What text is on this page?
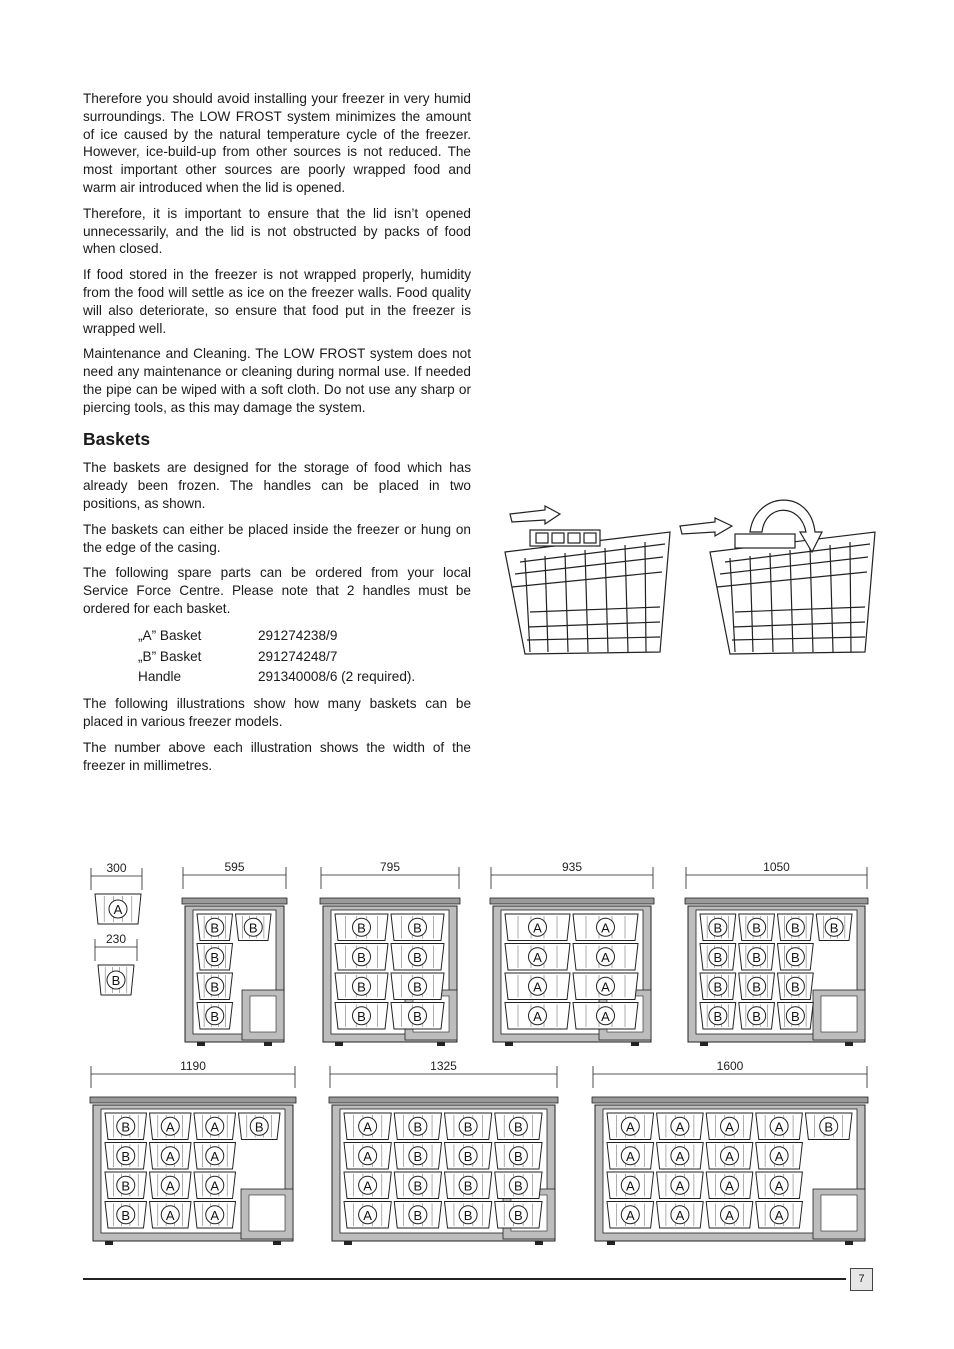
Therefore you should avoid installing your freezer in very humid surroundings. The LOW FROST system minimizes the amount of ice caused by the natural temperature cycle of the freezer. However, ice-build-up from other sources is not reduced. The most important other sources are poorly wrapped food and warm air introduced when the lid is opened.

Therefore, it is important to ensure that the lid isn’t opened unnecessarily, and the lid is not obstructed by packs of food when closed.

If food stored in the freezer is not wrapped properly, humidity from the food will settle as ice on the freezer walls. Food quality will also deteriorate, so ensure that food put in the freezer is wrapped well.

Maintenance and Cleaning. The LOW FROST system does not need any maintenance or cleaning during normal use. If needed the pipe can be wiped with a soft cloth. Do not use any sharp or piercing tools, as this may damage the system.

Baskets

The baskets are designed for the storage of food which has already been frozen. The handles can be placed in two positions, as shown.

The baskets can either be placed inside the freezer or hung on the edge of the casing.

The following spare parts can be ordered from your local Service Force Centre. Please note that 2 handles must be ordered for each basket.

„A” Basket	291274238/9
„B” Basket	291274248/7
Handle	291340008/6 (2 required).

The following illustrations show how many baskets can be placed in various freezer models.

The number above each illustration shows the width of the freezer in millimetres.

300
A
230
B
595
B
B
B
B
B
795
B
B
B
B
B
B
B
B
935
A
A
A
A
A
A
A
A
1050
B
B
B
B
B
B
B
B
B
B
B
B
B
1190
B
B
B
B
A
A
A
A
A
A
A
A
B
1325
A
A
A
A
B
B
B
B
B
B
B
B
B
B
B
B
1600
A
A
A
A
A
A
A
A
A
A
A
A
A
A
A
A
B
7
